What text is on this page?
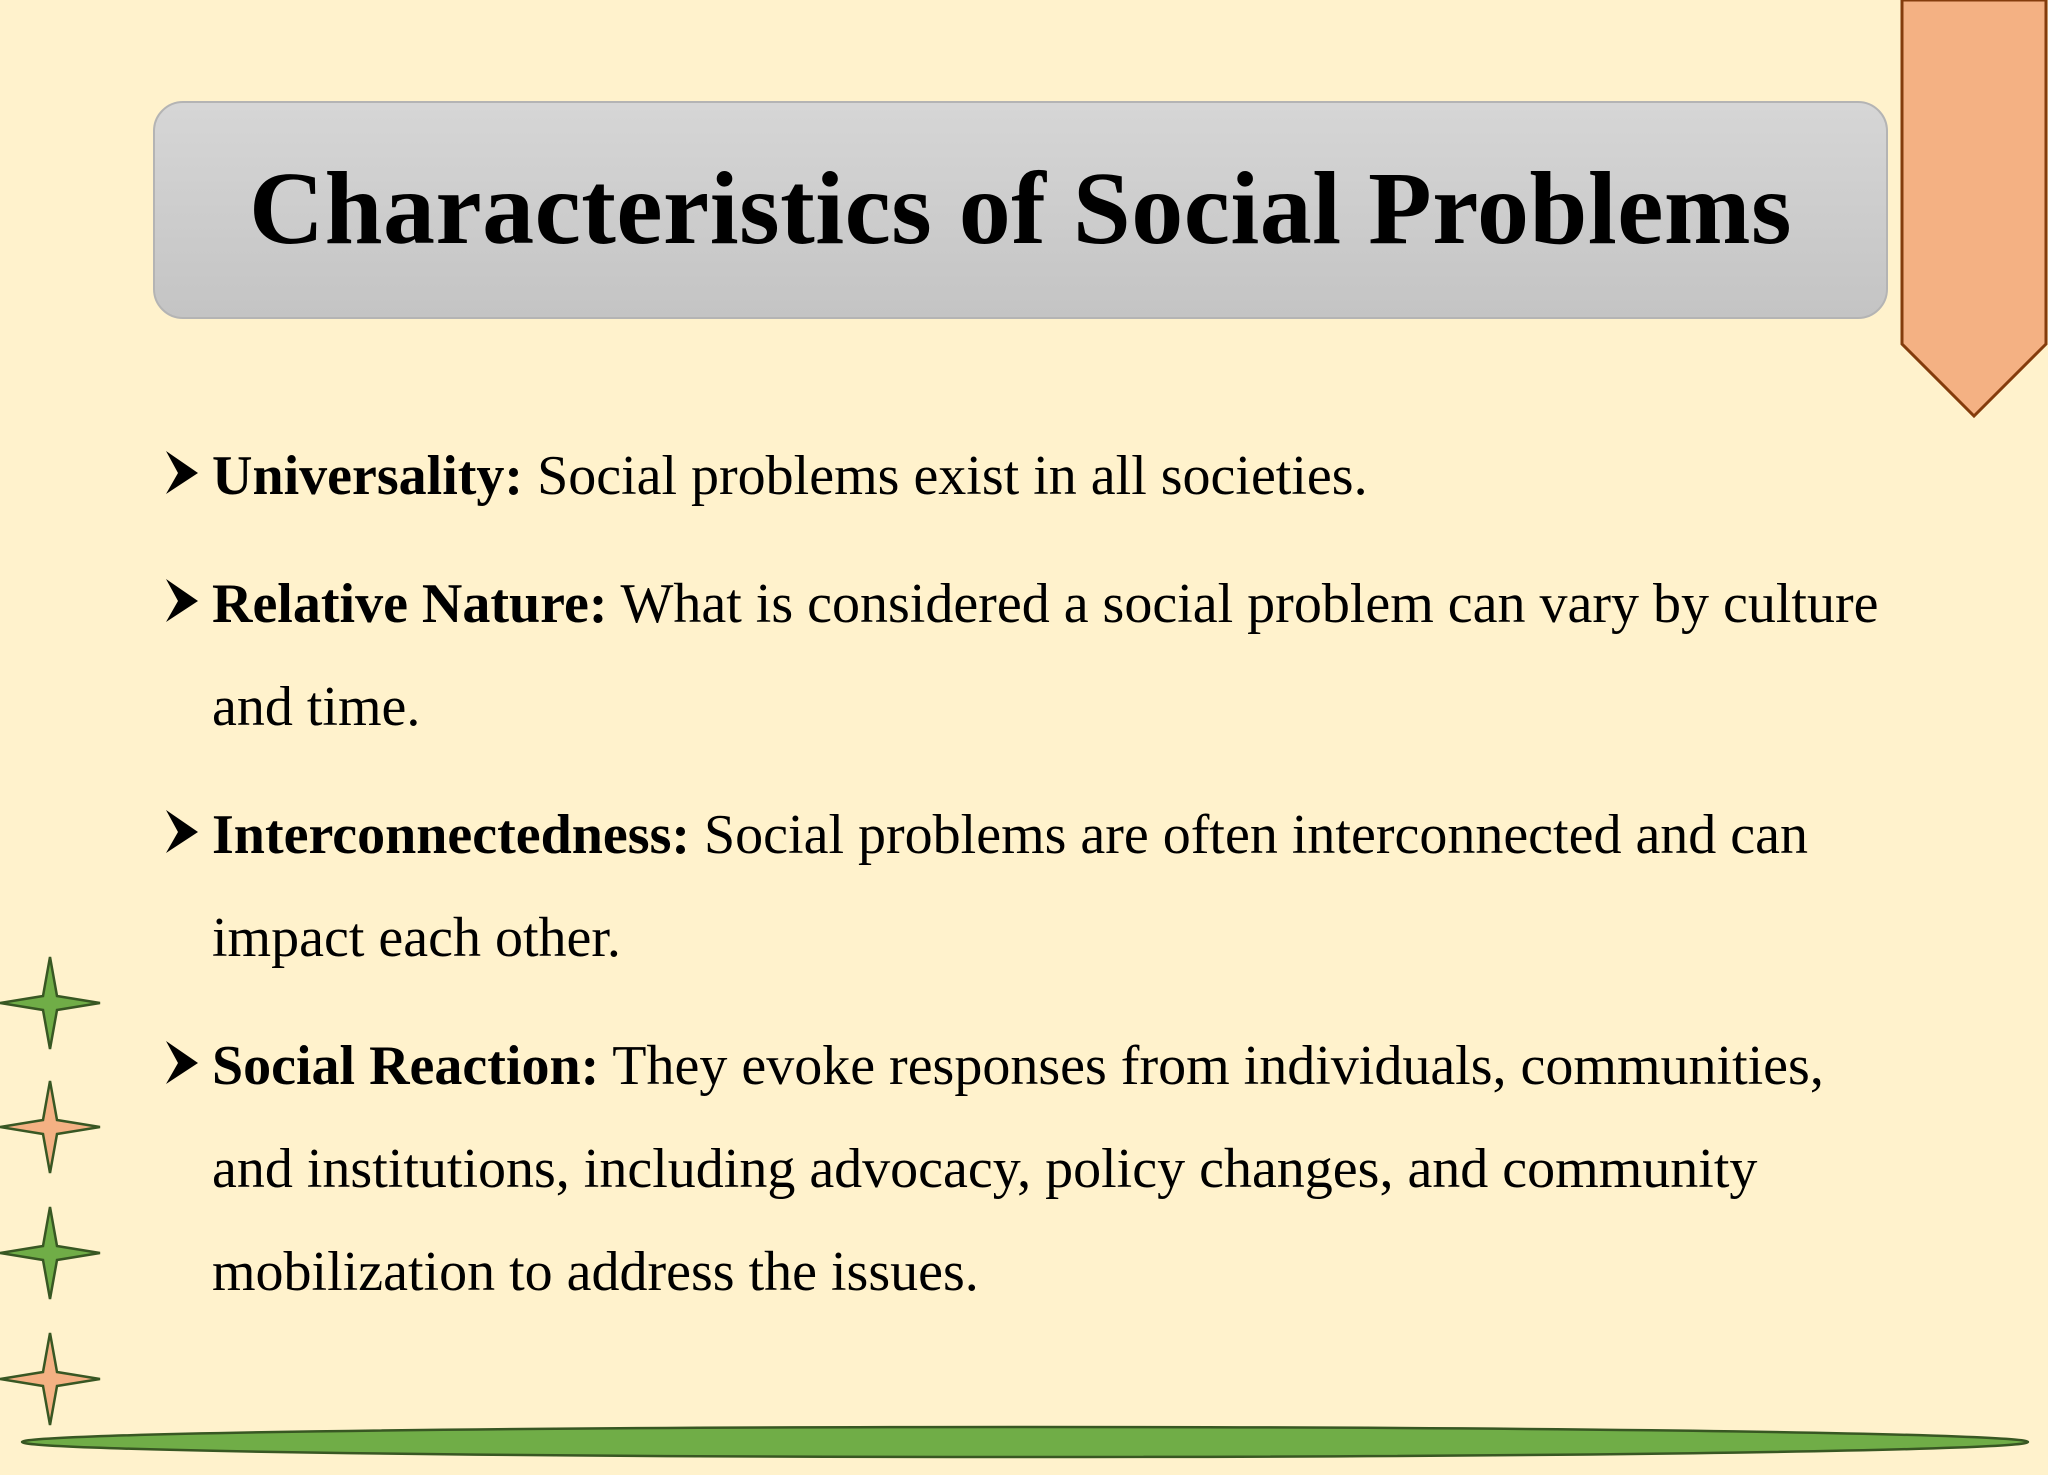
Characteristics of Social Problems
Universality: Social problems exist in all societies.
Relative Nature: What is considered a social problem can vary by culture and time.
Interconnectedness: Social problems are often interconnected and can impact each other.
Social Reaction: They evoke responses from individuals, communities, and institutions, including advocacy, policy changes, and community mobilization to address the issues.
